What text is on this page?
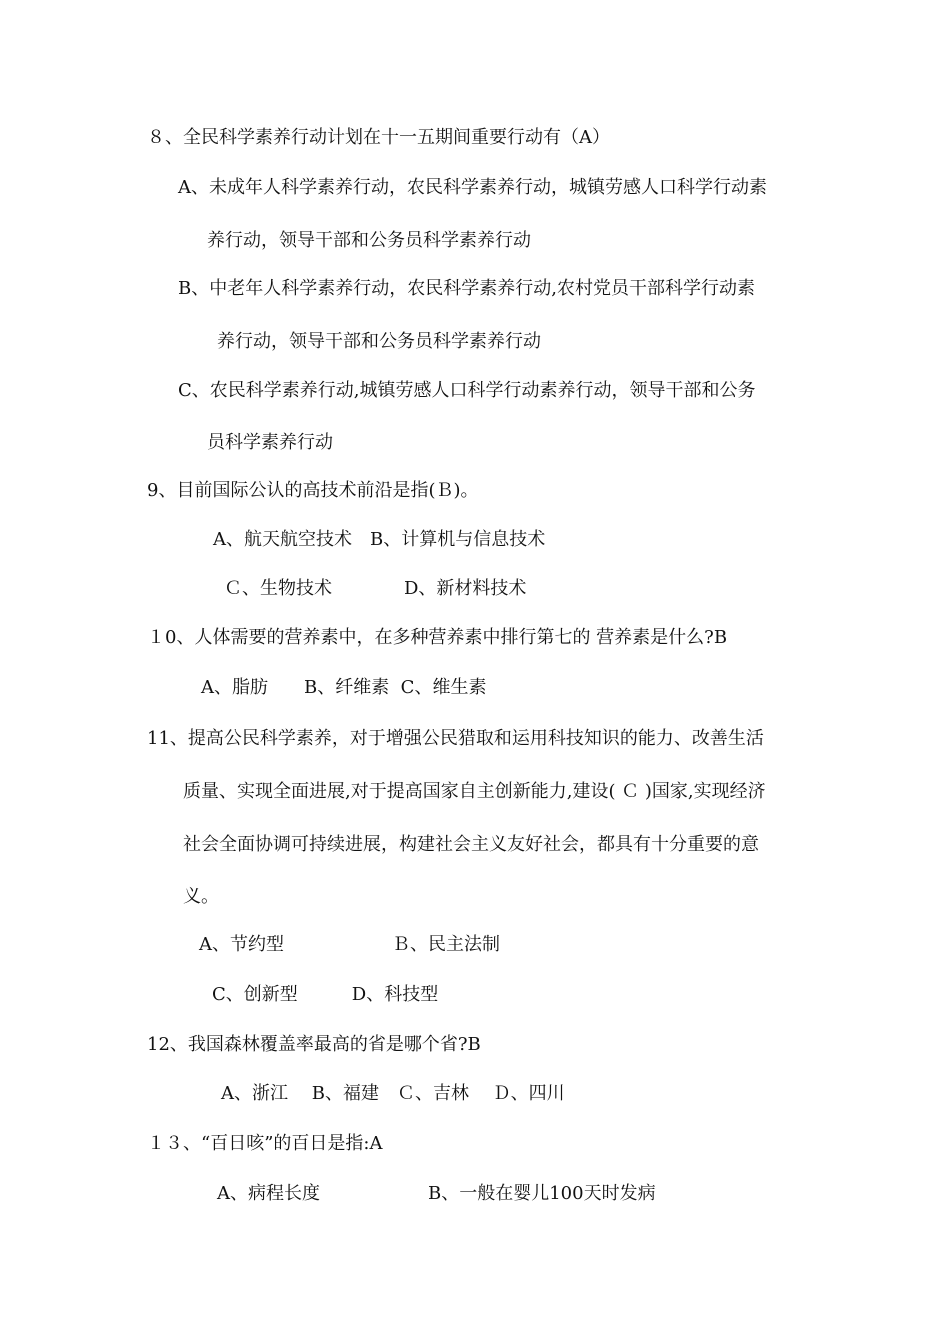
８、全民科学素养行动计划在十一五期间重要行动有（A）
A、未成年人科学素养行动，农民科学素养行动，城镇劳感人口科学行动素
养行动，领导干部和公务员科学素养行动
B、中老年人科学素养行动，农民科学素养行动,农村党员干部科学行动素
养行动，领导干部和公务员科学素养行动
C、农民科学素养行动,城镇劳感人口科学行动素养行动，领导干部和公务
员科学素养行动
9、目前国际公认的高技术前沿是指(Ｂ)。
A、航天航空技术　B、计算机与信息技术
Ｃ、生物技术　　　　D、新材料技术
１0、人体需要的营养素中，在多种营养素中排行第七的 营养素是什么?B
A、脂肪　　B、纤维素  C、维生素
11、提高公民科学素养，对于增强公民猎取和运用科技知识的能力、改善生活
质量、实现全面进展,对于提高国家自主创新能力,建设( Ｃ )国家,实现经济
社会全面协调可持续进展，构建社会主义友好社会，都具有十分重要的意
义。
A、节约型　　　　　　Ｂ、民主法制
C、创新型　　　D、科技型
12、我国森林覆盖率最高的省是哪个省?B
A、浙江　 B、福建　Ｃ、吉林　 Ｄ、四川
１３、“百日咳”的百日是指:A
A、病程长度　　　　　　B、一般在婴儿100天时发病
